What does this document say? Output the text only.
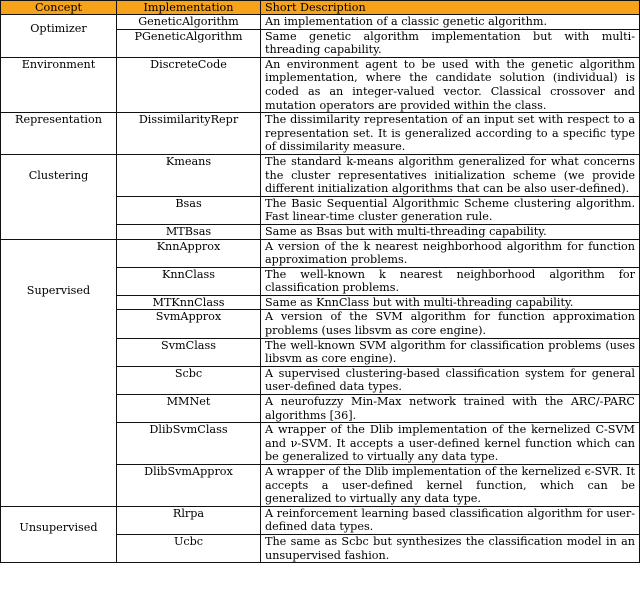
Concept	Implementation	Short Description
Optimizer	GeneticAlgorithm	An implementation of a classic genetic algorithm.
	PGeneticAlgorithm	Same genetic algorithm implementation but with multi-threading capability.
Environment	DiscreteCode	An environment agent to be used with the genetic algorithm implementation, where the candidate solution (individual) is coded as an integer-valued vector. Classical crossover and mutation operators are provided within the class.
Representation	DissimilarityRepr	The dissimilarity representation of an input set with respect to a representation set. It is generalized according to a specific type of dissimilarity measure.
Clustering	Kmeans	The standard k-means algorithm generalized for what concerns the cluster representatives initialization scheme (we provide different initialization algorithms that can be also user-defined).
	Bsas	The Basic Sequential Algorithmic Scheme clustering algorithm. Fast linear-time cluster generation rule.
	MTBsas	Same as Bsas but with multi-threading capability.
Supervised	KnnApprox	A version of the k nearest neighborhood algorithm for function approximation problems.
	KnnClass	The well-known k nearest neighborhood algorithm for classification problems.
	MTKnnClass	Same as KnnClass but with multi-threading capability.
	SvmApprox	A version of the SVM algorithm for function approximation problems (uses libsvm as core engine).
	SvmClass	The well-known SVM algorithm for classification problems (uses libsvm as core engine).
	Scbc	A supervised clustering-based classification system for general user-defined data types.
	MMNet	A neurofuzzy Min-Max network trained with the ARC/-PARC algorithms [36].
	DlibSvmClass	A wrapper of the Dlib implementation of the kernelized C-SVM and ν-SVM. It accepts a user-defined kernel function which can be generalized to virtually any data type.
	DlibSvmApprox	A wrapper of the Dlib implementation of the kernelized ϵ-SVR. It accepts a user-defined kernel function, which can be generalized to virtually any data type.
Unsupervised	Rlrpa	A reinforcement learning based classification algorithm for user-defined data types.
	Ucbc	The same as Scbc but synthesizes the classification model in an unsupervised fashion.
